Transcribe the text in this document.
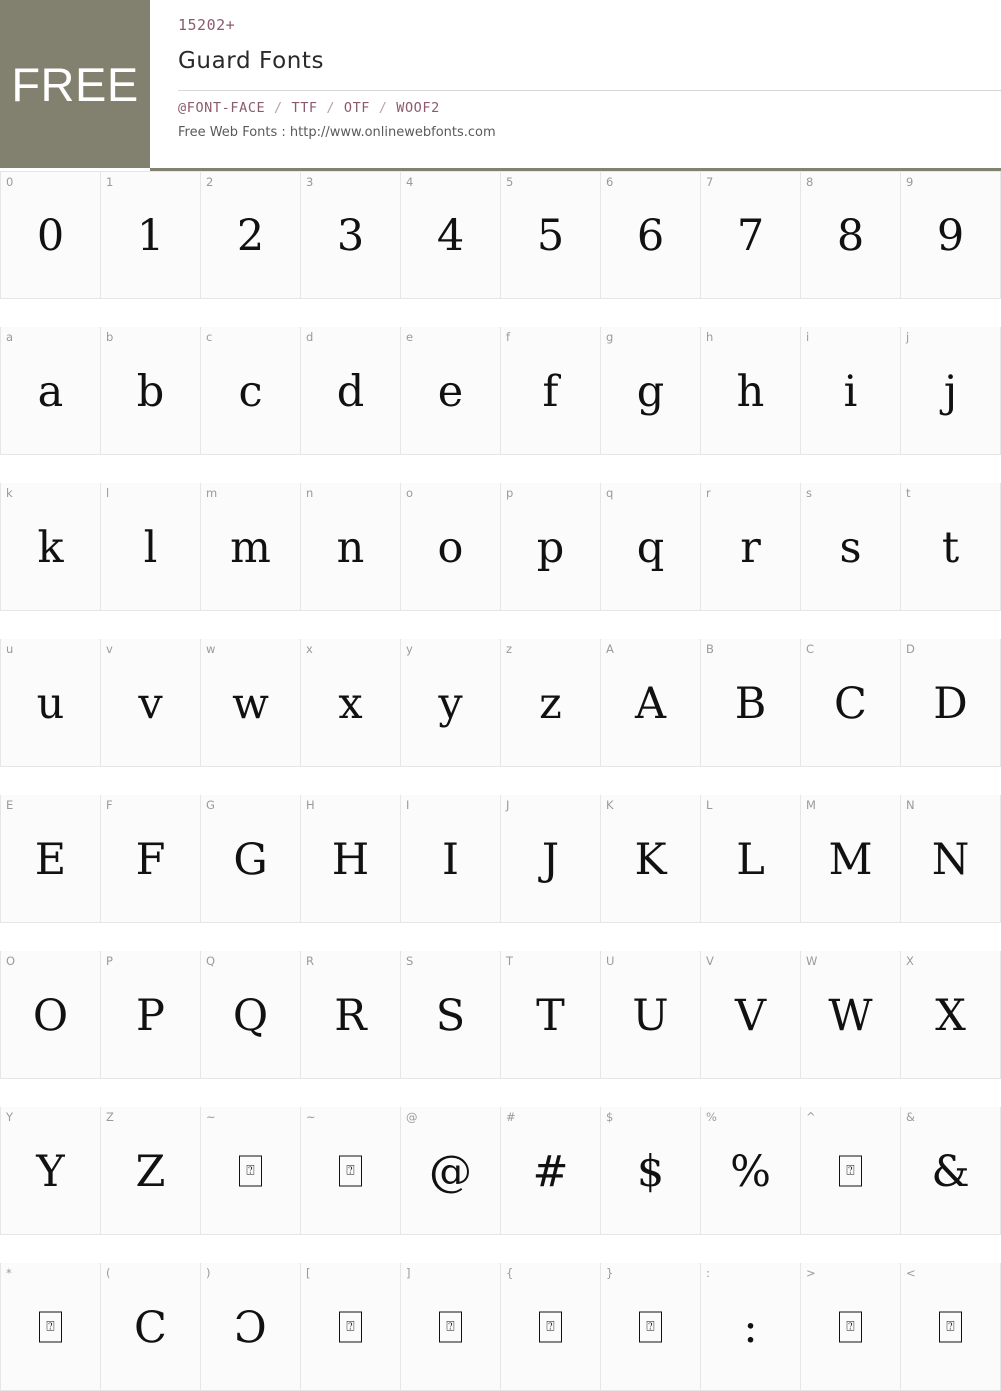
FREE
15202+
Guard Fonts
@FONT-FACE / TTF / OTF / WOOF2
Free Web Fonts : http://www.onlinewebfonts.com
0
0
1
1
2
2
3
3
4
4
5
5
6
6
7
7
8
8
9
9
a
a
b
b
c
c
d
d
e
e
f
f
g
g
h
h
i
i
j
j
k
k
l
l
m
m
n
n
o
o
p
p
q
q
r
r
s
s
t
t
u
u
v
v
w
w
x
x
y
y
z
z
A
A
B
B
C
C
D
D
E
E
F
F
G
G
H
H
I
I
J
J
K
K
L
L
M
M
N
N
O
O
P
P
Q
Q
R
R
S
S
T
T
U
U
V
V
W
W
X
X
Y
Y
Z
Z
~
⍰
~
⍰
@
@
#
#
$
$
%
%
^
⍰
&
&
*
⍰
(
C
)
Ɔ
[
⍰
]
⍰
{
⍰
}
⍰
:
:
>
⍰
<
⍰
